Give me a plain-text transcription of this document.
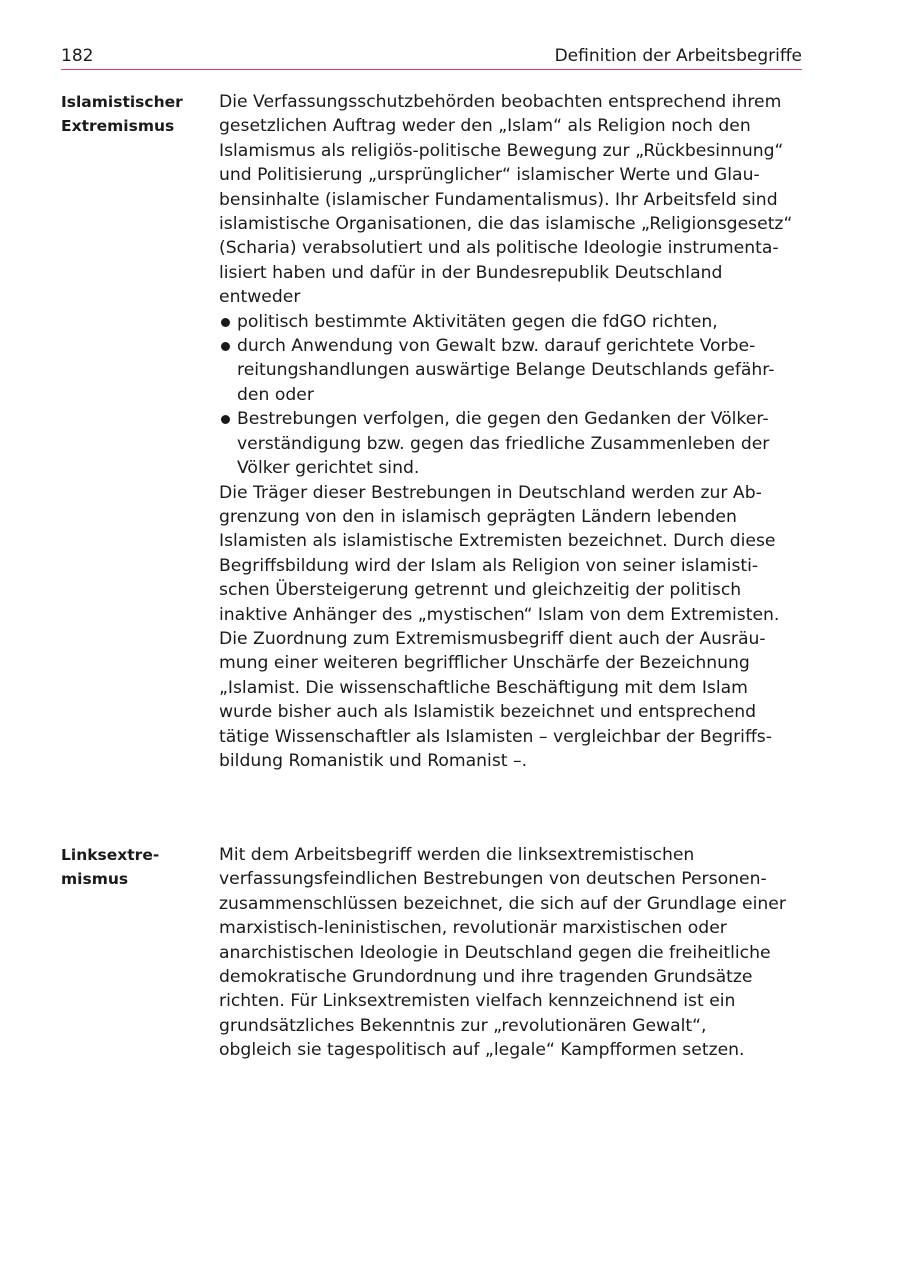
182	Definition der Arbeitsbegriffe
Islamistischer
Extremismus
Die Verfassungsschutzbehörden beobachten entsprechend ihrem
gesetzlichen Auftrag weder den „Islam“ als Religion noch den
Islamismus als religiös-politische Bewegung zur „Rückbesinnung“
und Politisierung „ursprünglicher“ islamischer Werte und Glau-
bensinhalte (islamischer Fundamentalismus). Ihr Arbeitsfeld sind
islamistische Organisationen, die das islamische „Religionsgesetz“
(Scharia) verabsolutiert und als politische Ideologie instrumenta-
lisiert haben und dafür in der Bundesrepublik Deutschland
entweder
politisch bestimmte Aktivitäten gegen die fdGO richten,
durch Anwendung von Gewalt bzw. darauf gerichtete Vorbe-
reitungshandlungen auswärtige Belange Deutschlands gefähr-
den oder
Bestrebungen verfolgen, die gegen den Gedanken der Völker-
verständigung bzw. gegen das friedliche Zusammenleben der
Völker gerichtet sind.
Die Träger dieser Bestrebungen in Deutschland werden zur Ab-
grenzung von den in islamisch geprägten Ländern lebenden
Islamisten als islamistische Extremisten bezeichnet. Durch diese
Begriffsbildung wird der Islam als Religion von seiner islamisti-
schen Übersteigerung getrennt und gleichzeitig der politisch
inaktive Anhänger des „mystischen“ Islam von dem Extremisten.
Die Zuordnung zum Extremismusbegriff dient auch der Ausräu-
mung einer weiteren begrifflicher Unschärfe der Bezeichnung
„Islamist. Die wissenschaftliche Beschäftigung mit dem Islam
wurde bisher auch als Islamistik bezeichnet und entsprechend
tätige Wissenschaftler als Islamisten – vergleichbar der Begriffs-
bildung Romanistik und Romanist –.
Linksextre-
mismus
Mit dem Arbeitsbegriff werden die linksextremistischen
verfassungsfeindlichen Bestrebungen von deutschen Personen-
zusammenschlüssen bezeichnet, die sich auf der Grundlage einer
marxistisch-leninistischen, revolutionär marxistischen oder
anarchistischen Ideologie in Deutschland gegen die freiheitliche
demokratische Grundordnung und ihre tragenden Grundsätze
richten. Für Linksextremisten vielfach kennzeichnend ist ein
grundsätzliches Bekenntnis zur „revolutionären Gewalt“,
obgleich sie tagespolitisch auf „legale“ Kampfformen setzen.
